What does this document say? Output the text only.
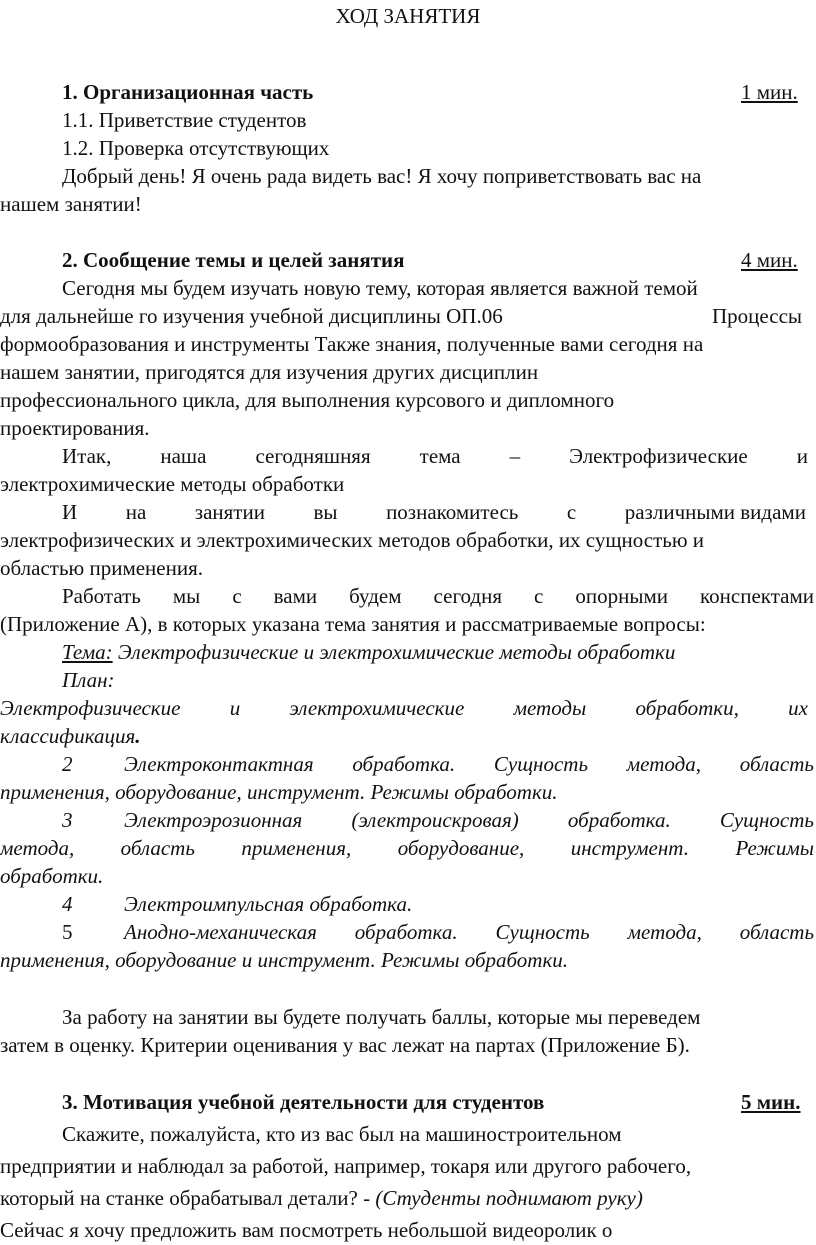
ХОД ЗАНЯТИЯ
1. Организационная часть	1 мин.
1.1. Приветствие студентов
1.2. Проверка отсутствующих
Добрый день! Я очень рада видеть вас! Я хочу поприветствовать вас на
нашем занятии!
2. Сообщение темы и целей занятия	4 мин.
Сегодня мы будем изучать новую тему, которая является важной темой
для дальнейше го изучения учебной дисциплины ОП.06	Процессы
формообразования и инструменты Также знания, полученные вами сегодня на
нашем занятии, пригодятся для изучения других дисциплин
профессионального цикла, для выполнения курсового и дипломного
проектирования.
Итак, наша сегодняшняя тема – Электрофизические и
электрохимические методы обработки
И на занятии вы познакомитесь с различными видами
электрофизических и электрохимических методов обработки, их сущностью и
областью применения.
Работать мы с вами будем сегодня с опорными конспектами
(Приложение А), в которых указана тема занятия и рассматриваемые вопросы:
Тема: Электрофизические и электрохимические методы обработки
План:
Электрофизические и электрохимические методы обработки, их
классификация.
2	Электроконтактная обработка. Сущность метода, область
применения, оборудование, инструмент. Режимы обработки.
3	Электроэрозионная (электроискровая) обработка. Сущность
метода, область применения, оборудование, инструмент. Режимы
обработки.
4 Электроимпульсная обработка.
5	Анодно-механическая обработка. Сущность метода, область
применения, оборудование и инструмент. Режимы обработки.
За работу на занятии вы будете получать баллы, которые мы переведем
затем в оценку. Критерии оценивания у вас лежат на партах (Приложение Б).
3. Мотивация учебной деятельности для студентов	5 мин.
Скажите, пожалуйста, кто из вас был на машиностроительном
предприятии и наблюдал за работой, например, токаря или другого рабочего,
который на станке обрабатывал детали? - (Студенты поднимают руку)
Сейчас я хочу предложить вам посмотреть небольшой видеоролик о
